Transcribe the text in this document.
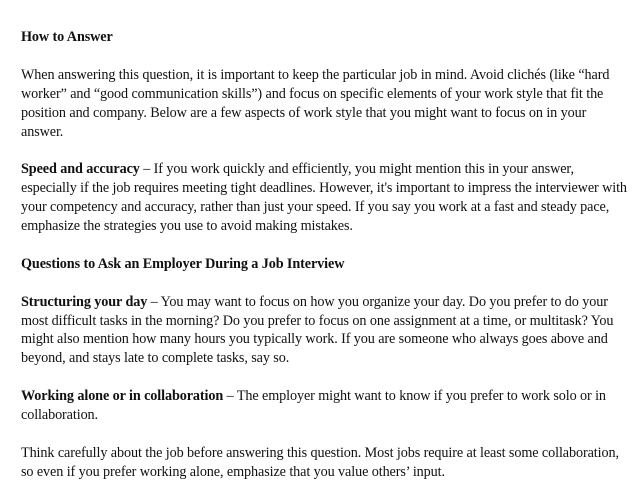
How to Answer

When answering this question, it is important to keep the particular job in mind. Avoid clichés (like “hard worker” and “good communication skills”) and focus on specific elements of your work style that fit the position and company. Below are a few aspects of work style that you might want to focus on in your answer.

Speed and accuracy – If you work quickly and efficiently, you might mention this in your answer, especially if the job requires meeting tight deadlines. However, it's important to impress the interviewer with your competency and accuracy, rather than just your speed. If you say you work at a fast and steady pace, emphasize the strategies you use to avoid making mistakes.

Questions to Ask an Employer During a Job Interview

Structuring your day – You may want to focus on how you organize your day. Do you prefer to do your most difficult tasks in the morning? Do you prefer to focus on one assignment at a time, or multitask? You might also mention how many hours you typically work. If you are someone who always goes above and beyond, and stays late to complete tasks, say so.

Working alone or in collaboration – The employer might want to know if you prefer to work solo or in collaboration.

Think carefully about the job before answering this question. Most jobs require at least some collaboration, so even if you prefer working alone, emphasize that you value others’ input.
